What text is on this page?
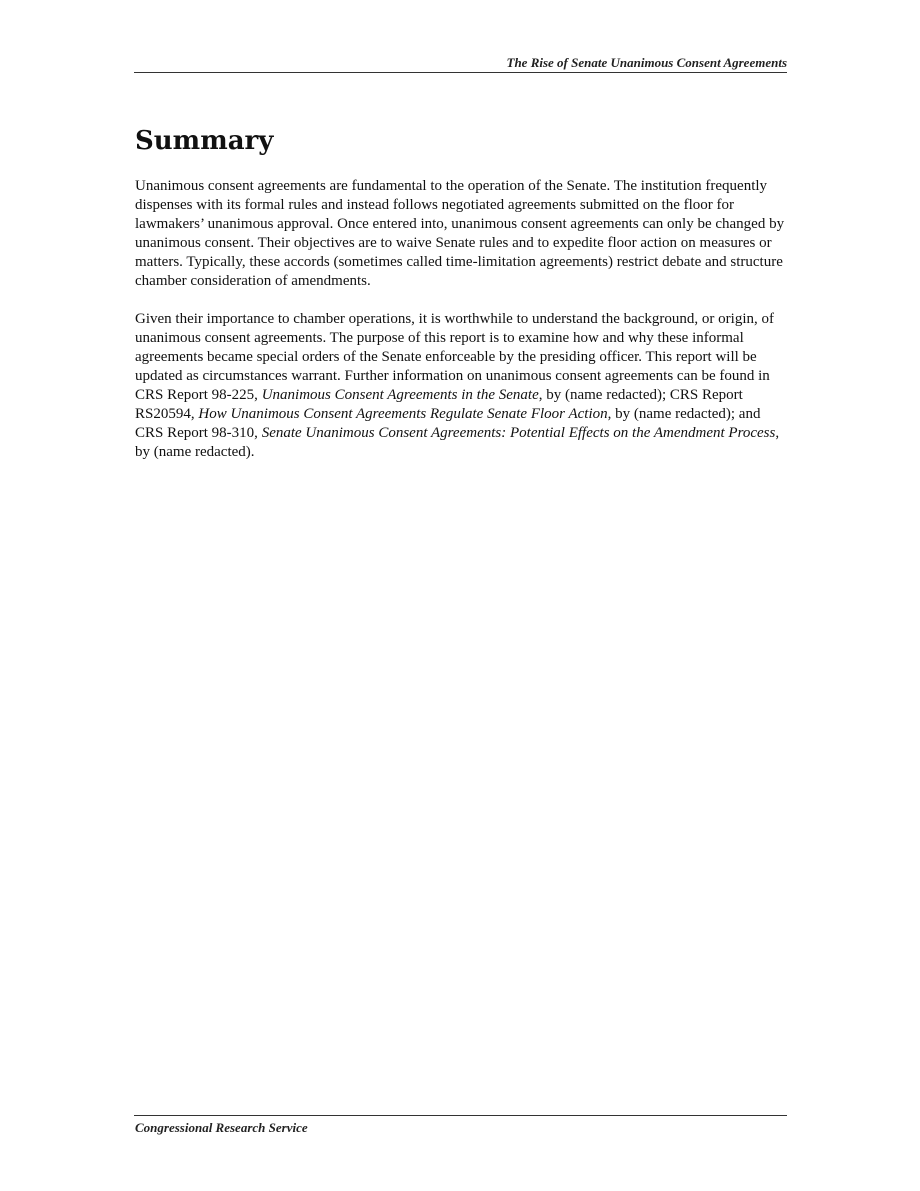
The Rise of Senate Unanimous Consent Agreements
Summary

Unanimous consent agreements are fundamental to the operation of the Senate. The institution frequently dispenses with its formal rules and instead follows negotiated agreements submitted on the floor for lawmakers’ unanimous approval. Once entered into, unanimous consent agreements can only be changed by unanimous consent. Their objectives are to waive Senate rules and to expedite floor action on measures or matters. Typically, these accords (sometimes called time-limitation agreements) restrict debate and structure chamber consideration of amendments.

Given their importance to chamber operations, it is worthwhile to understand the background, or origin, of unanimous consent agreements. The purpose of this report is to examine how and why these informal agreements became special orders of the Senate enforceable by the presiding officer. This report will be updated as circumstances warrant. Further information on unanimous consent agreements can be found in CRS Report 98-225, Unanimous Consent Agreements in the Senate, by (name redacted); CRS Report RS20594, How Unanimous Consent Agreements Regulate Senate Floor Action, by (name redacted); and CRS Report 98-310, Senate Unanimous Consent Agreements: Potential Effects on the Amendment Process, by (name redacted).

Congressional Research Service
